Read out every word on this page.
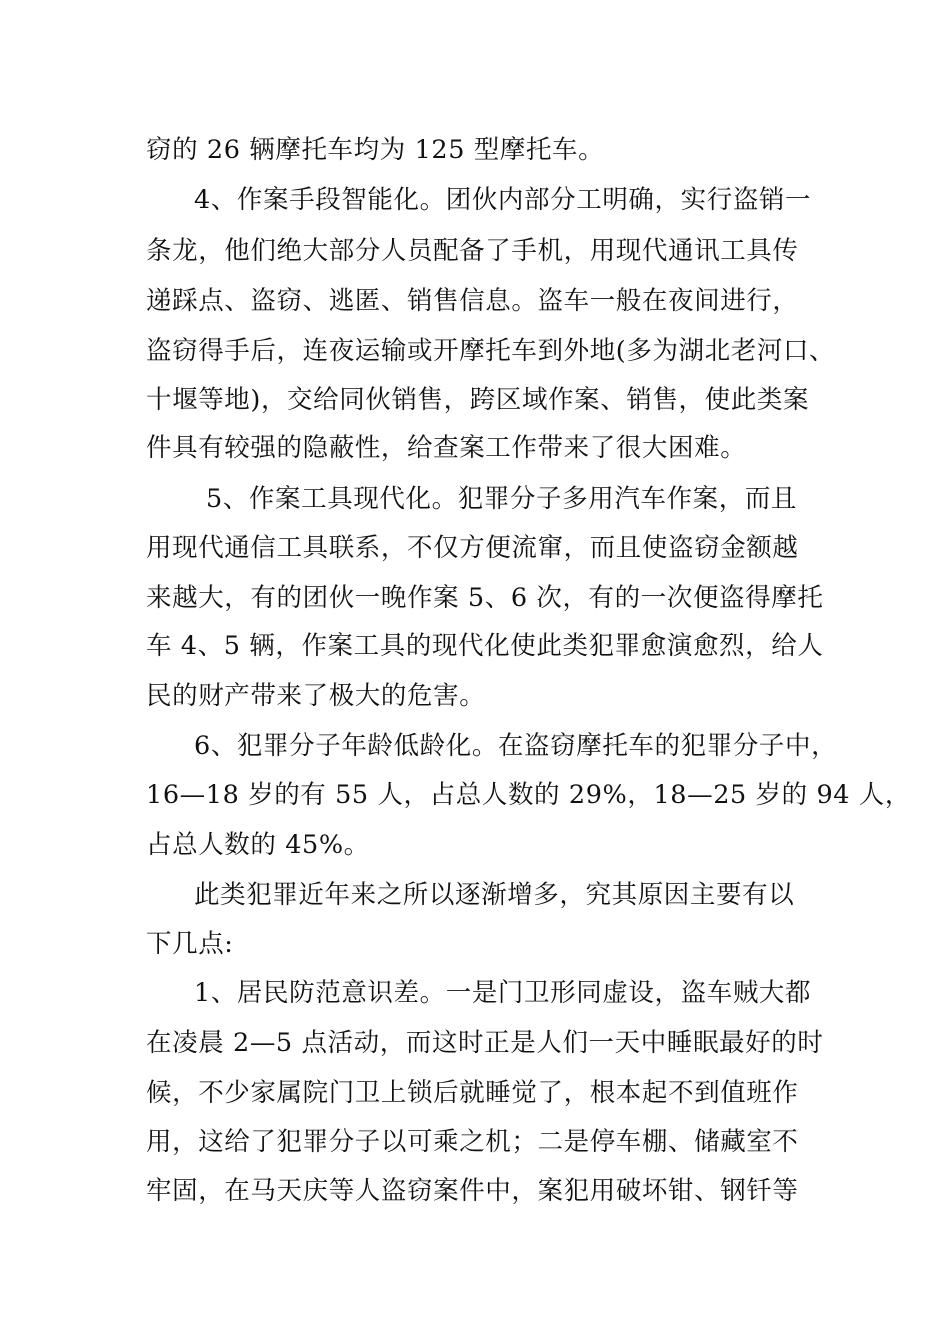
窃的 26 辆摩托车均为 125 型摩托车。
4、作案手段智能化。团伙内部分工明确，实行盗销一
条龙，他们绝大部分人员配备了手机，用现代通讯工具传
递踩点、盗窃、逃匿、销售信息。盗车一般在夜间进行，
盗窃得手后，连夜运输或开摩托车到外地(多为湖北老河口、
十堰等地)，交给同伙销售，跨区域作案、销售，使此类案
件具有较强的隐蔽性，给查案工作带来了很大困难。
5、作案工具现代化。犯罪分子多用汽车作案，而且
用现代通信工具联系，不仅方便流窜，而且使盗窃金额越
来越大，有的团伙一晚作案 5、6 次，有的一次便盗得摩托
车 4、5 辆，作案工具的现代化使此类犯罪愈演愈烈，给人
民的财产带来了极大的危害。
6、犯罪分子年龄低龄化。在盗窃摩托车的犯罪分子中，
16—18 岁的有 55 人，占总人数的 29%，18—25 岁的 94 人，
占总人数的 45%。
此类犯罪近年来之所以逐渐增多，究其原因主要有以
下几点:
1、居民防范意识差。一是门卫形同虚设，盗车贼大都
在凌晨 2—5 点活动，而这时正是人们一天中睡眠最好的时
候，不少家属院门卫上锁后就睡觉了，根本起不到值班作
用，这给了犯罪分子以可乘之机；二是停车棚、储藏室不
牢固，在马天庆等人盗窃案件中，案犯用破坏钳、钢钎等
